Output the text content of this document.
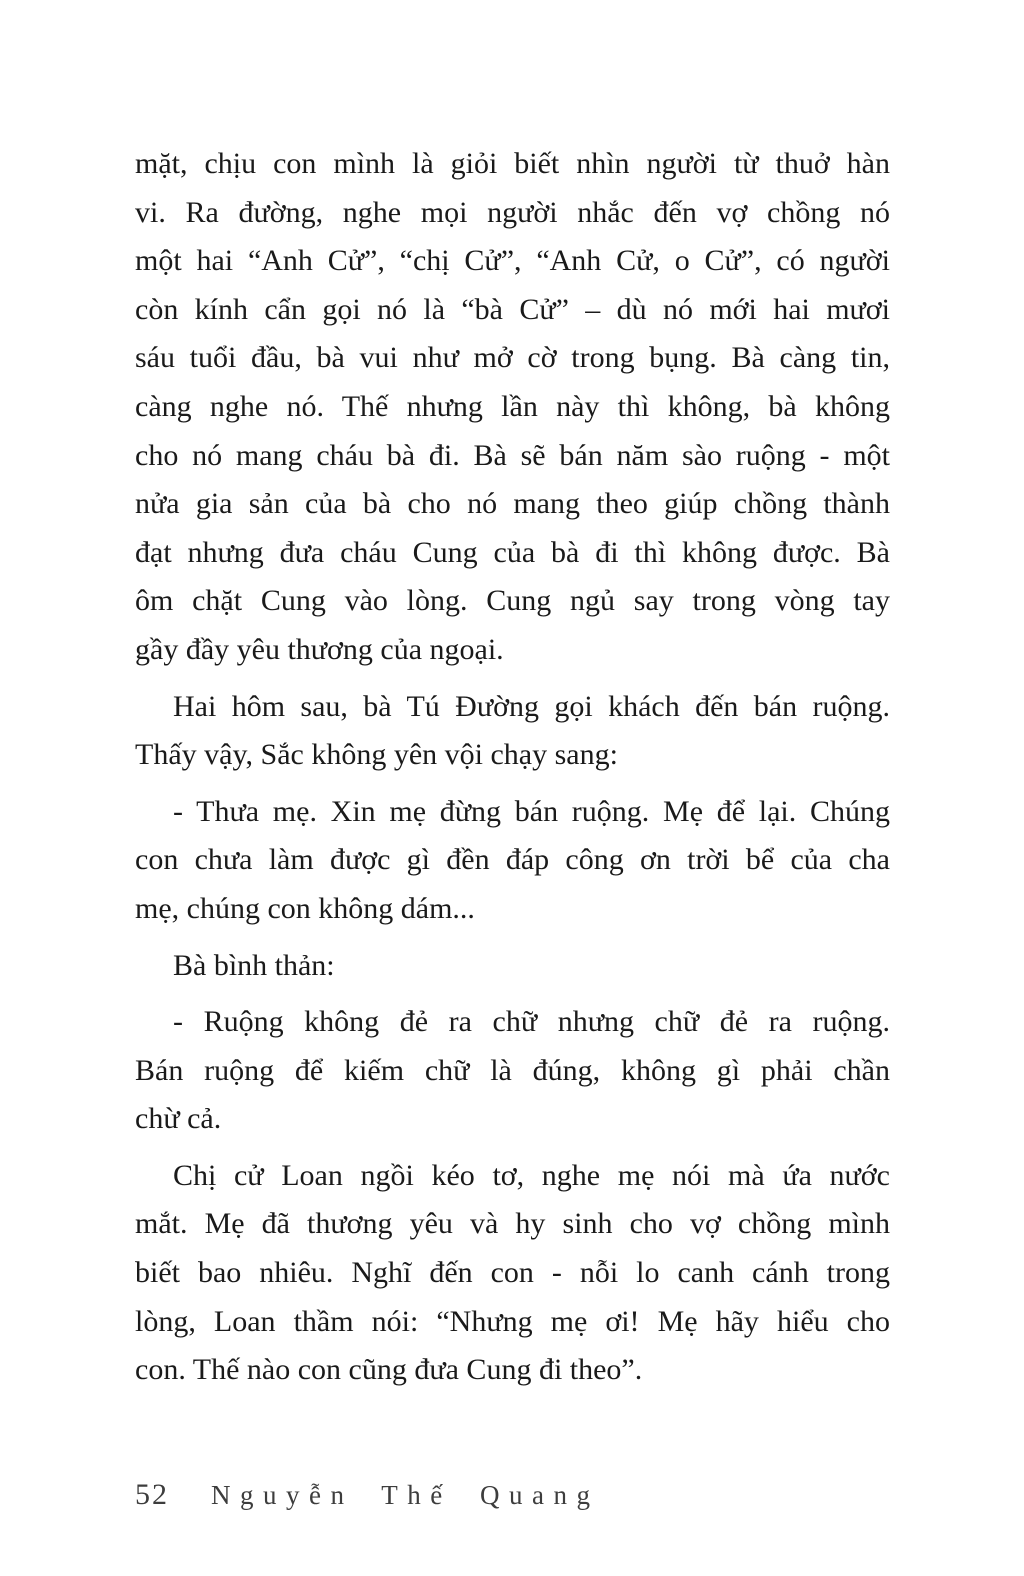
mặt, chịu con mình là giỏi biết nhìn người từ thuở hàn
vi. Ra đường, nghe mọi người nhắc đến vợ chồng nó
một hai “Anh Cử”, “chị Cử”, “Anh Cử, o Cử”, có người
còn kính cẩn gọi nó là “bà Cử” – dù nó mới hai mươi
sáu tuổi đầu, bà vui như mở cờ trong bụng. Bà càng tin,
càng nghe nó. Thế nhưng lần này thì không, bà không
cho nó mang cháu bà đi. Bà sẽ bán năm sào ruộng - một
nửa gia sản của bà cho nó mang theo giúp chồng thành
đạt nhưng đưa cháu Cung của bà đi thì không được. Bà
ôm chặt Cung vào lòng. Cung ngủ say trong vòng tay
gầy đầy yêu thương của ngoại.
Hai hôm sau, bà Tú Đường gọi khách đến bán ruộng.
Thấy vậy, Sắc không yên vội chạy sang:
- Thưa mẹ. Xin mẹ đừng bán ruộng. Mẹ để lại. Chúng
con chưa làm được gì đền đáp công ơn trời bể của cha
mẹ, chúng con không dám...
Bà bình thản:
- Ruộng không đẻ ra chữ nhưng chữ đẻ ra ruộng.
Bán ruộng để kiếm chữ là đúng, không gì phải chần
chừ cả.
Chị cử Loan ngồi kéo tơ, nghe mẹ nói mà ứa nước
mắt. Mẹ đã thương yêu và hy sinh cho vợ chồng mình
biết bao nhiêu. Nghĩ đến con - nỗi lo canh cánh trong
lòng, Loan thầm nói: “Nhưng mẹ ơi! Mẹ hãy hiểu cho
con. Thế nào con cũng đưa Cung đi theo”.
52 Nguyễn Thế Quang
